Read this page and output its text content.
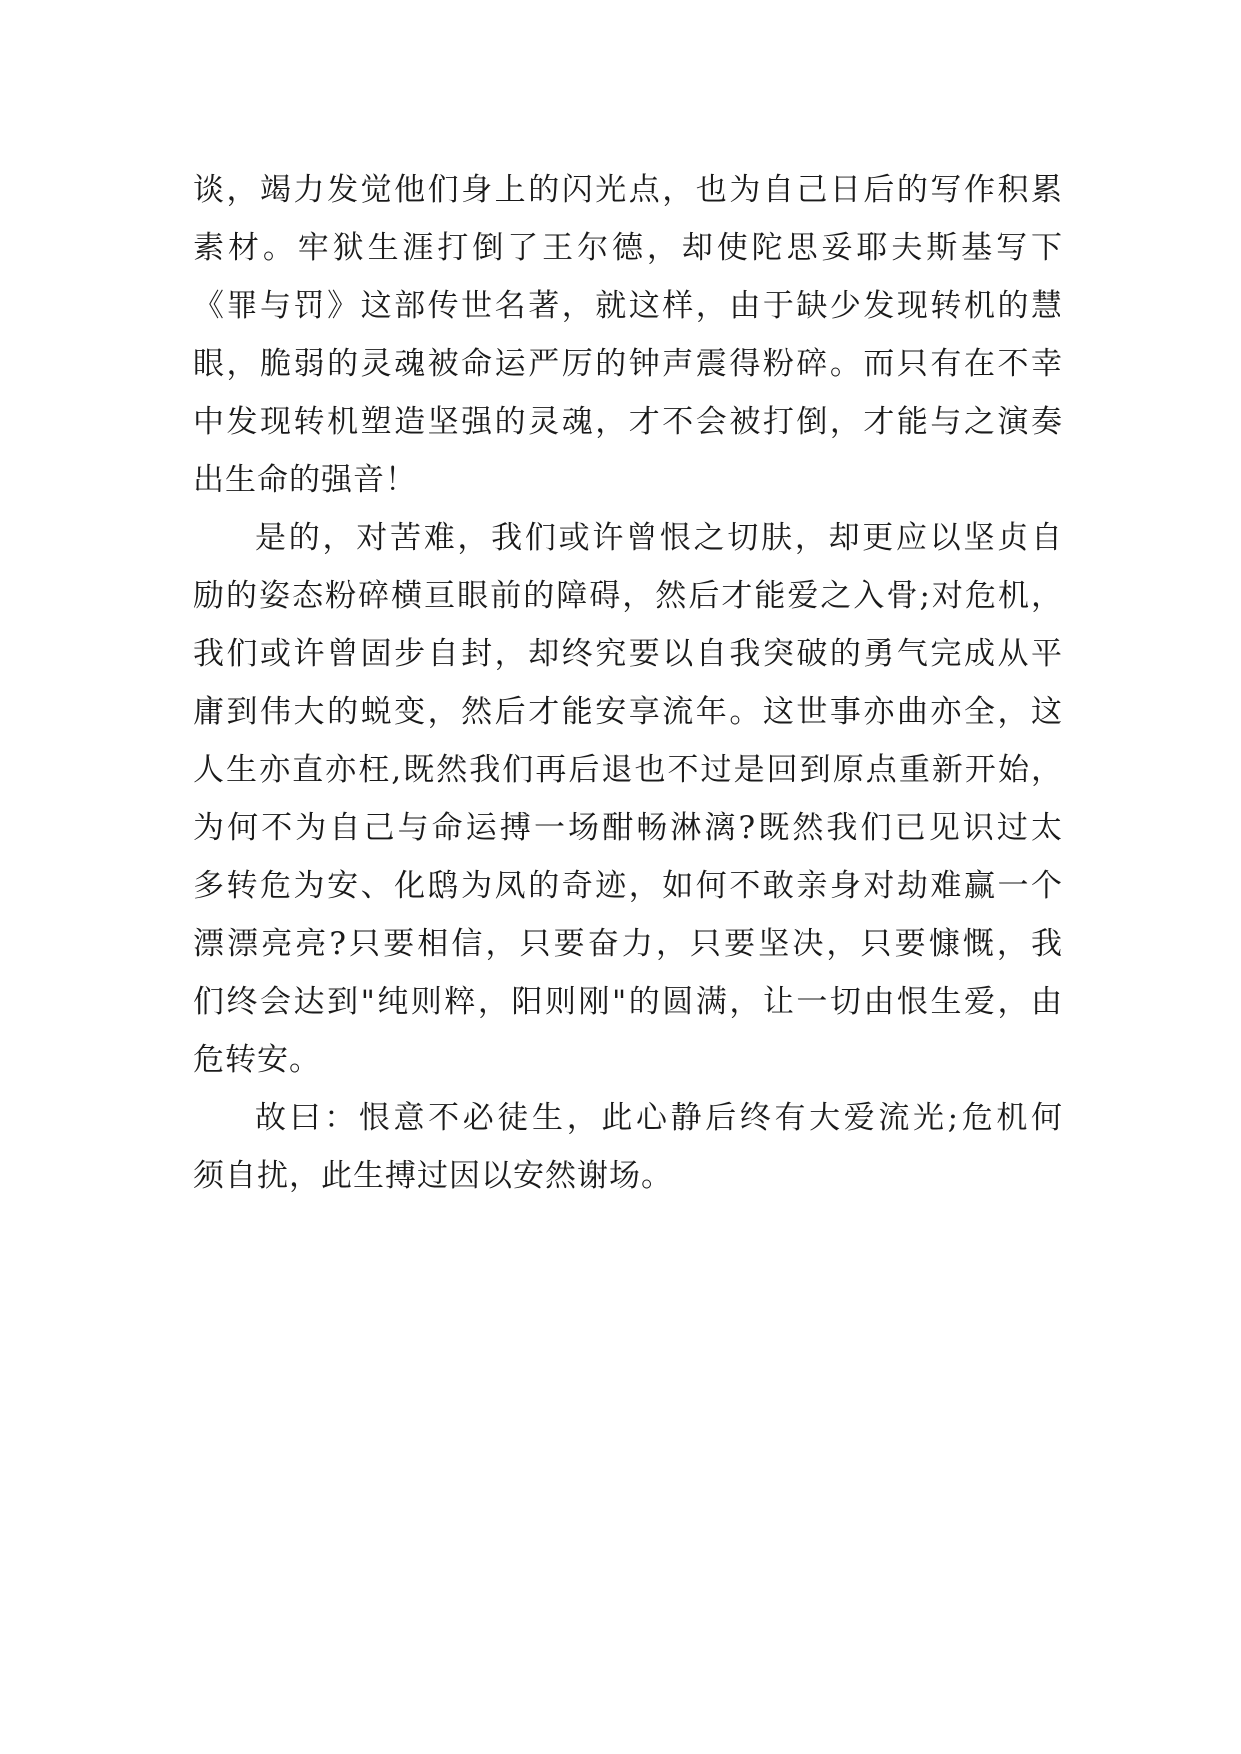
谈，竭力发觉他们身上的闪光点，也为自己日后的写作积累
素材。牢狱生涯打倒了王尔德，却使陀思妥耶夫斯基写下
《罪与罚》这部传世名著，就这样，由于缺少发现转机的慧
眼，脆弱的灵魂被命运严厉的钟声震得粉碎。而只有在不幸
中发现转机塑造坚强的灵魂，才不会被打倒，才能与之演奏
出生命的强音！
是的，对苦难，我们或许曾恨之切肤，却更应以坚贞自
励的姿态粉碎横亘眼前的障碍，然后才能爱之入骨;对危机，
我们或许曾固步自封，却终究要以自我突破的勇气完成从平
庸到伟大的蜕变，然后才能安享流年。这世事亦曲亦全，这
人生亦直亦枉,既然我们再后退也不过是回到原点重新开始，
为何不为自己与命运搏一场酣畅淋漓?既然我们已见识过太
多转危为安、化鸱为凤的奇迹，如何不敢亲身对劫难赢一个
漂漂亮亮?只要相信，只要奋力，只要坚决，只要慷慨，我
们终会达到"纯则粹，阳则刚"的圆满，让一切由恨生爱，由
危转安。
故曰：恨意不必徒生，此心静后终有大爱流光;危机何
须自扰，此生搏过因以安然谢场。
